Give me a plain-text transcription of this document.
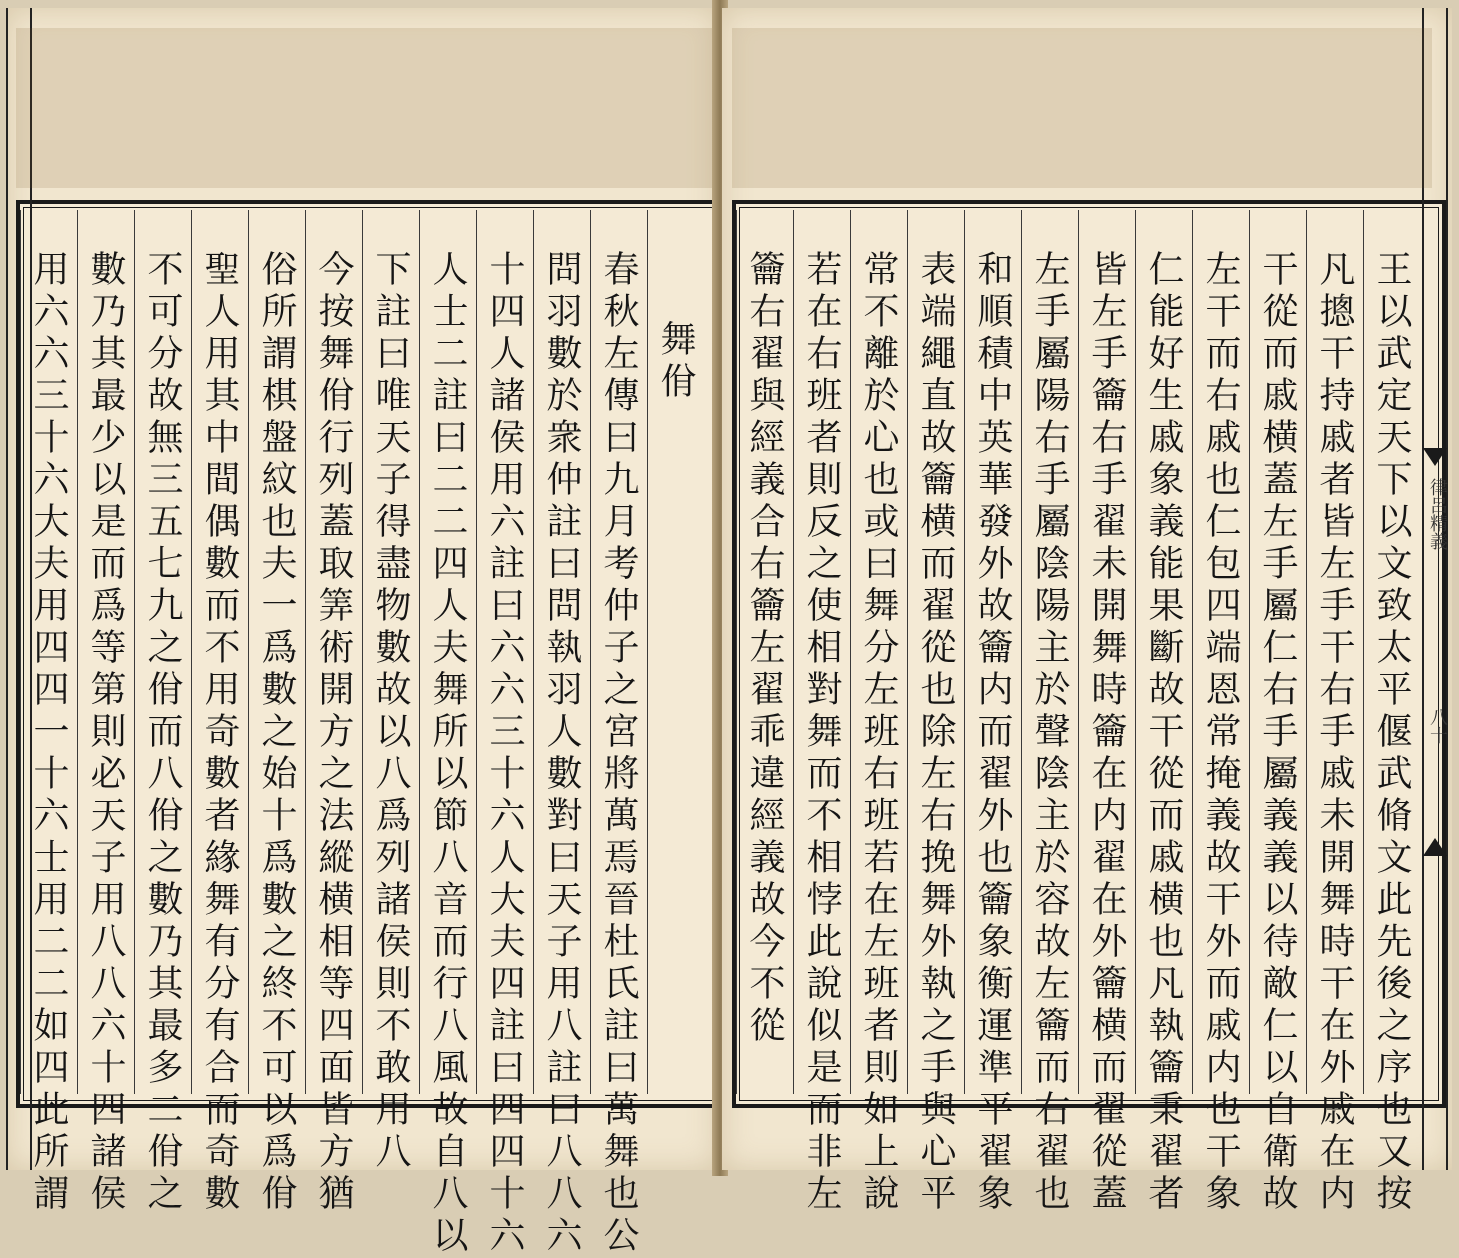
用六六三十六大夫用四四一十六士用二二如四此所謂 數乃其最少以是而爲等第則必天子用八八六十四諸侯 不可分故無三五七九之佾而八佾之數乃其最多二佾之 聖人用其中間偶數而不用奇數者緣舞有分有合而奇數 俗所謂棋盤紋也夫一爲數之始十爲數之終不可以爲佾 今按舞佾行列蓋取筭術開方之法縱横相等四面皆方猶 下註曰唯天子得盡物數故以八爲列諸侯則不敢用八 人士二註曰二二四人夫舞所以節八音而行八風故自八以 十四人諸侯用六註曰六六三十六人大夫四註曰四四十六 問羽數於衆仲註曰問執羽人數對曰天子用八註曰八八六 春秋左傳曰九月考仲子之宮將萬焉晉杜氏註曰萬舞也公 舞佾 籥右翟與經義合右籥左翟乖違經義故今不從 若在右班者則反之使相對舞而不相悖此說似是而非左 常不離於心也或曰舞分左班右班若在左班者則如上說 表端繩直故籥横而翟從也除左右挽舞外執之手與心平 和順積中英華發外故籥内而翟外也籥象衡運準平翟象 左手屬陽右手屬陰陽主於聲陰主於容故左籥而右翟也 皆左手籥右手翟未開舞時籥在内翟在外籥横而翟從蓋 仁能好生戚象義能果斷故干從而戚横也凡執籥秉翟者 左干而右戚也仁包四端恩常掩義故干外而戚内也干象 干從而戚横蓋左手屬仁右手屬義義以待敵仁以自衛故 凡摠干持戚者皆左手干右手戚未開舞時干在外戚在内 王以武定天下以文致太平偃武脩文此先後之序也又按 律呂精義
八十
